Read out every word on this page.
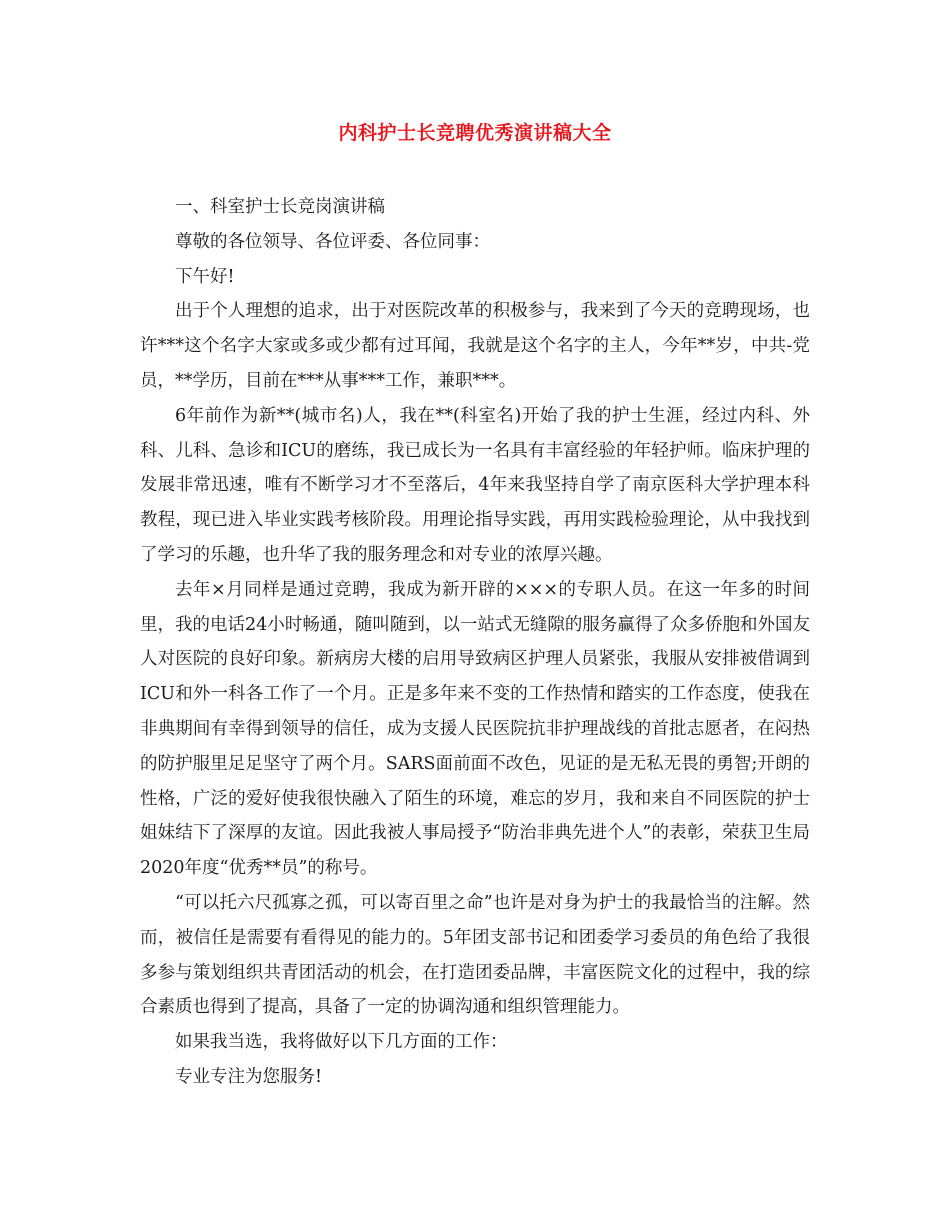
内科护士长竞聘优秀演讲稿大全

一、科室护士长竞岗演讲稿

尊敬的各位领导、各位评委、各位同事：

下午好!

出于个人理想的追求，出于对医院改革的积极参与，我来到了今天的竞聘现场，也许***这个名字大家或多或少都有过耳闻，我就是这个名字的主人，今年**岁，中共-党员，**学历，目前在***从事***工作，兼职***。

6年前作为新**(城市名)人，我在**(科室名)开始了我的护士生涯，经过内科、外科、儿科、急诊和ICU的磨练，我已成长为一名具有丰富经验的年轻护师。临床护理的发展非常迅速，唯有不断学习才不至落后，4年来我坚持自学了南京医科大学护理本科教程，现已进入毕业实践考核阶段。用理论指导实践，再用实践检验理论，从中我找到了学习的乐趣，也升华了我的服务理念和对专业的浓厚兴趣。

去年×月同样是通过竞聘，我成为新开辟的×××的专职人员。在这一年多的时间里，我的电话24小时畅通，随叫随到，以一站式无缝隙的服务赢得了众多侨胞和外国友人对医院的良好印象。新病房大楼的启用导致病区护理人员紧张，我服从安排被借调到ICU和外一科各工作了一个月。正是多年来不变的工作热情和踏实的工作态度，使我在非典期间有幸得到领导的信任，成为支援人民医院抗非护理战线的首批志愿者，在闷热的防护服里足足坚守了两个月。SARS面前面不改色，见证的是无私无畏的勇智;开朗的性格，广泛的爱好使我很快融入了陌生的环境，难忘的岁月，我和来自不同医院的护士姐妹结下了深厚的友谊。因此我被人事局授予“防治非典先进个人”的表彰，荣获卫生局2020年度“优秀**员”的称号。

“可以托六尺孤寡之孤，可以寄百里之命”也许是对身为护士的我最恰当的注解。然而，被信任是需要有看得见的能力的。5年团支部书记和团委学习委员的角色给了我很多参与策划组织共青团活动的机会，在打造团委品牌，丰富医院文化的过程中，我的综合素质也得到了提高，具备了一定的协调沟通和组织管理能力。

如果我当选，我将做好以下几方面的工作：

专业专注为您服务!
